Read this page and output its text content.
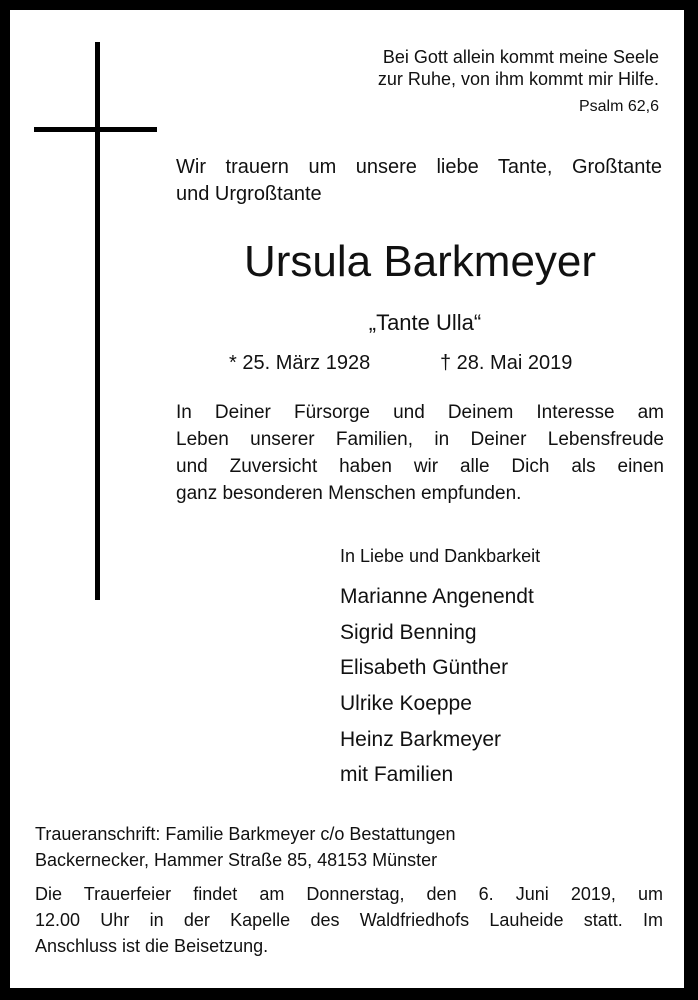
Bei Gott allein kommt meine Seele
zur Ruhe, von ihm kommt mir Hilfe.
Psalm 62,6
Wir trauern um unsere liebe Tante, Großtante
und Urgroßtante
Ursula Barkmeyer
„Tante Ulla“
* 25. März 1928	† 28. Mai 2019
In Deiner Fürsorge und Deinem Interesse am
Leben unserer Familien, in Deiner Lebensfreude
und Zuversicht haben wir alle Dich als einen
ganz besonderen Menschen empfunden.
In Liebe und Dankbarkeit
Marianne Angenendt
Sigrid Benning
Elisabeth Günther
Ulrike Koeppe
Heinz Barkmeyer
mit Familien
Traueranschrift: Familie Barkmeyer c/o Bestattungen
Backernecker, Hammer Straße 85, 48153 Münster
Die Trauerfeier findet am Donnerstag, den 6. Juni 2019, um
12.00 Uhr in der Kapelle des Waldfriedhofs Lauheide statt. Im
Anschluss ist die Beisetzung.
